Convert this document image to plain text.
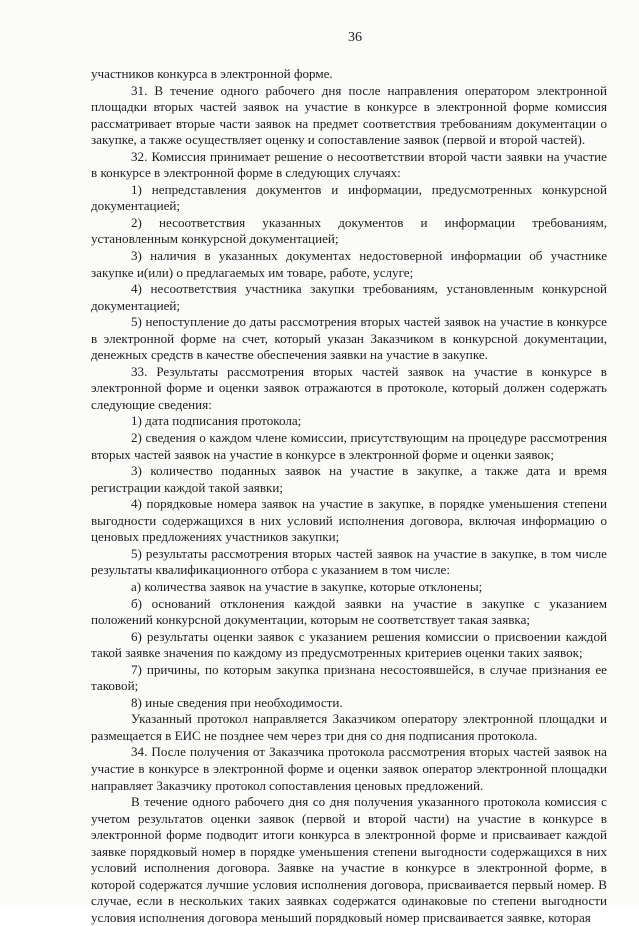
36

участников конкурса в электронной форме.

31. В течение одного рабочего дня после направления оператором электронной площадки вторых частей заявок на участие в конкурсе в электронной форме комиссия рассматривает вторые части заявок на предмет соответствия требованиям документации о закупке, а также осуществляет оценку и сопоставление заявок (первой и второй частей).

32. Комиссия принимает решение о несоответствии второй части заявки на участие в конкурсе в электронной форме в следующих случаях:

1) непредставления документов и информации, предусмотренных конкурсной документацией;

2) несоответствия указанных документов и информации требованиям, установленным конкурсной документацией;

3) наличия в указанных документах недостоверной информации об участнике закупке и(или) о предлагаемых им товаре, работе, услуге;

4) несоответствия участника закупки требованиям, установленным конкурсной документацией;

5) непоступление до даты рассмотрения вторых частей заявок на участие в конкурсе в электронной форме на счет, который указан Заказчиком в конкурсной документации, денежных средств в качестве обеспечения заявки на участие в закупке.

33. Результаты рассмотрения вторых частей заявок на участие в конкурсе в электронной форме и оценки заявок отражаются в протоколе, который должен содержать следующие сведения:

1) дата подписания протокола;

2) сведения о каждом члене комиссии, присутствующим на процедуре рассмотрения вторых частей заявок на участие в конкурсе в электронной форме и оценки заявок;

3) количество поданных заявок на участие в закупке, а также дата и время регистрации каждой такой заявки;

4) порядковые номера заявок на участие в закупке, в порядке уменьшения степени выгодности содержащихся в них условий исполнения договора, включая информацию о ценовых предложениях участников закупки;

5) результаты рассмотрения вторых частей заявок на участие в закупке, в том числе результаты квалификационного отбора с указанием в том числе:

а) количества заявок на участие в закупке, которые отклонены;

б) оснований отклонения каждой заявки на участие в закупке с указанием положений конкурсной документации, которым не соответствует такая заявка;

6) результаты оценки заявок с указанием решения комиссии о присвоении каждой такой заявке значения по каждому из предусмотренных критериев оценки таких заявок;

7) причины, по которым закупка признана несостоявшейся, в случае признания ее таковой;

8) иные сведения при необходимости.

Указанный протокол направляется Заказчиком оператору электронной площадки и размещается в ЕИС не позднее чем через три дня со дня подписания протокола.

34. После получения от Заказчика протокола рассмотрения вторых частей заявок на участие в конкурсе в электронной форме и оценки заявок оператор электронной площадки направляет Заказчику протокол сопоставления ценовых предложений.

В течение одного рабочего дня со дня получения указанного протокола комиссия с учетом результатов оценки заявок (первой и второй части) на участие в конкурсе в электронной форме подводит итоги конкурса в электронной форме и присваивает каждой заявке порядковый номер в порядке уменьшения степени выгодности содержащихся в них условий исполнения договора. Заявке на участие в конкурсе в электронной форме, в которой содержатся лучшие условия исполнения договора, присваивается первый номер. В случае, если в нескольких таких заявках содержатся одинаковые по степени выгодности условия исполнения договора меньший порядковый номер присваивается заявке, которая
